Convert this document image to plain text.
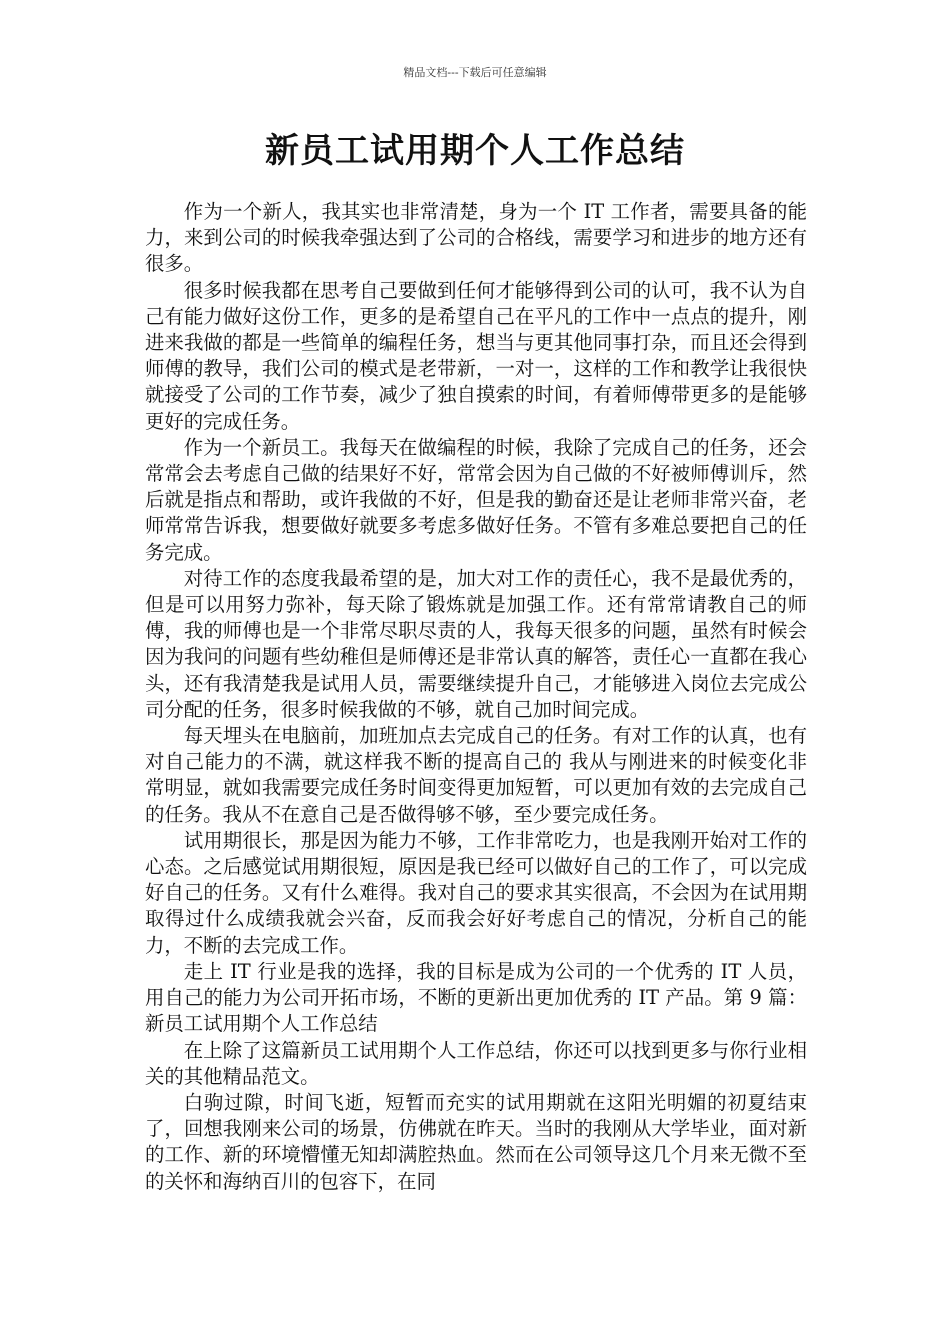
精品文档---下载后可任意编辑
新员工试用期个人工作总结

作为一个新人，我其实也非常清楚，身为一个 IT 工作者，需要具备的能力，来到公司的时候我牵强达到了公司的合格线，需要学习和进步的地方还有很多。

很多时候我都在思考自己要做到任何才能够得到公司的认可，我不认为自己有能力做好这份工作，更多的是希望自己在平凡的工作中一点点的提升，刚进来我做的都是一些简单的编程任务，想当与更其他同事打杂，而且还会得到师傅的教导，我们公司的模式是老带新，一对一，这样的工作和教学让我很快就接受了公司的工作节奏，减少了独自摸索的时间，有着师傅带更多的是能够更好的完成任务。

作为一个新员工。我每天在做编程的时候，我除了完成自己的任务，还会常常会去考虑自己做的结果好不好，常常会因为自己做的不好被师傅训斥，然后就是指点和帮助，或许我做的不好，但是我的勤奋还是让老师非常兴奋，老师常常告诉我，想要做好就要多考虑多做好任务。不管有多难总要把自己的任务完成。

对待工作的态度我最希望的是，加大对工作的责任心，我不是最优秀的，但是可以用努力弥补，每天除了锻炼就是加强工作。还有常常请教自己的师傅，我的师傅也是一个非常尽职尽责的人，我每天很多的问题，虽然有时候会因为我问的问题有些幼稚但是师傅还是非常认真的解答，责任心一直都在我心头，还有我清楚我是试用人员，需要继续提升自己，才能够进入岗位去完成公司分配的任务，很多时候我做的不够，就自己加时间完成。

每天埋头在电脑前，加班加点去完成自己的任务。有对工作的认真，也有对自己能力的不满，就这样我不断的提高自己的 我从与刚进来的时候变化非常明显，就如我需要完成任务时间变得更加短暂，可以更加有效的去完成自己的任务。我从不在意自己是否做得够不够，至少要完成任务。

试用期很长，那是因为能力不够，工作非常吃力，也是我刚开始对工作的心态。之后感觉试用期很短，原因是我已经可以做好自己的工作了，可以完成好自己的任务。又有什么难得。我对自己的要求其实很高，不会因为在试用期取得过什么成绩我就会兴奋，反而我会好好考虑自己的情况，分析自己的能力，不断的去完成工作。

走上 IT 行业是我的选择，我的目标是成为公司的一个优秀的 IT 人员，用自己的能力为公司开拓市场，不断的更新出更加优秀的 IT 产品。第 9 篇：新员工试用期个人工作总结

在上除了这篇新员工试用期个人工作总结，你还可以找到更多与你行业相关的其他精品范文。

白驹过隙，时间飞逝，短暂而充实的试用期就在这阳光明媚的初夏结束了，回想我刚来公司的场景，仿佛就在昨天。当时的我刚从大学毕业，面对新的工作、新的环境懵懂无知却满腔热血。然而在公司领导这几个月来无微不至的关怀和海纳百川的包容下，在同
